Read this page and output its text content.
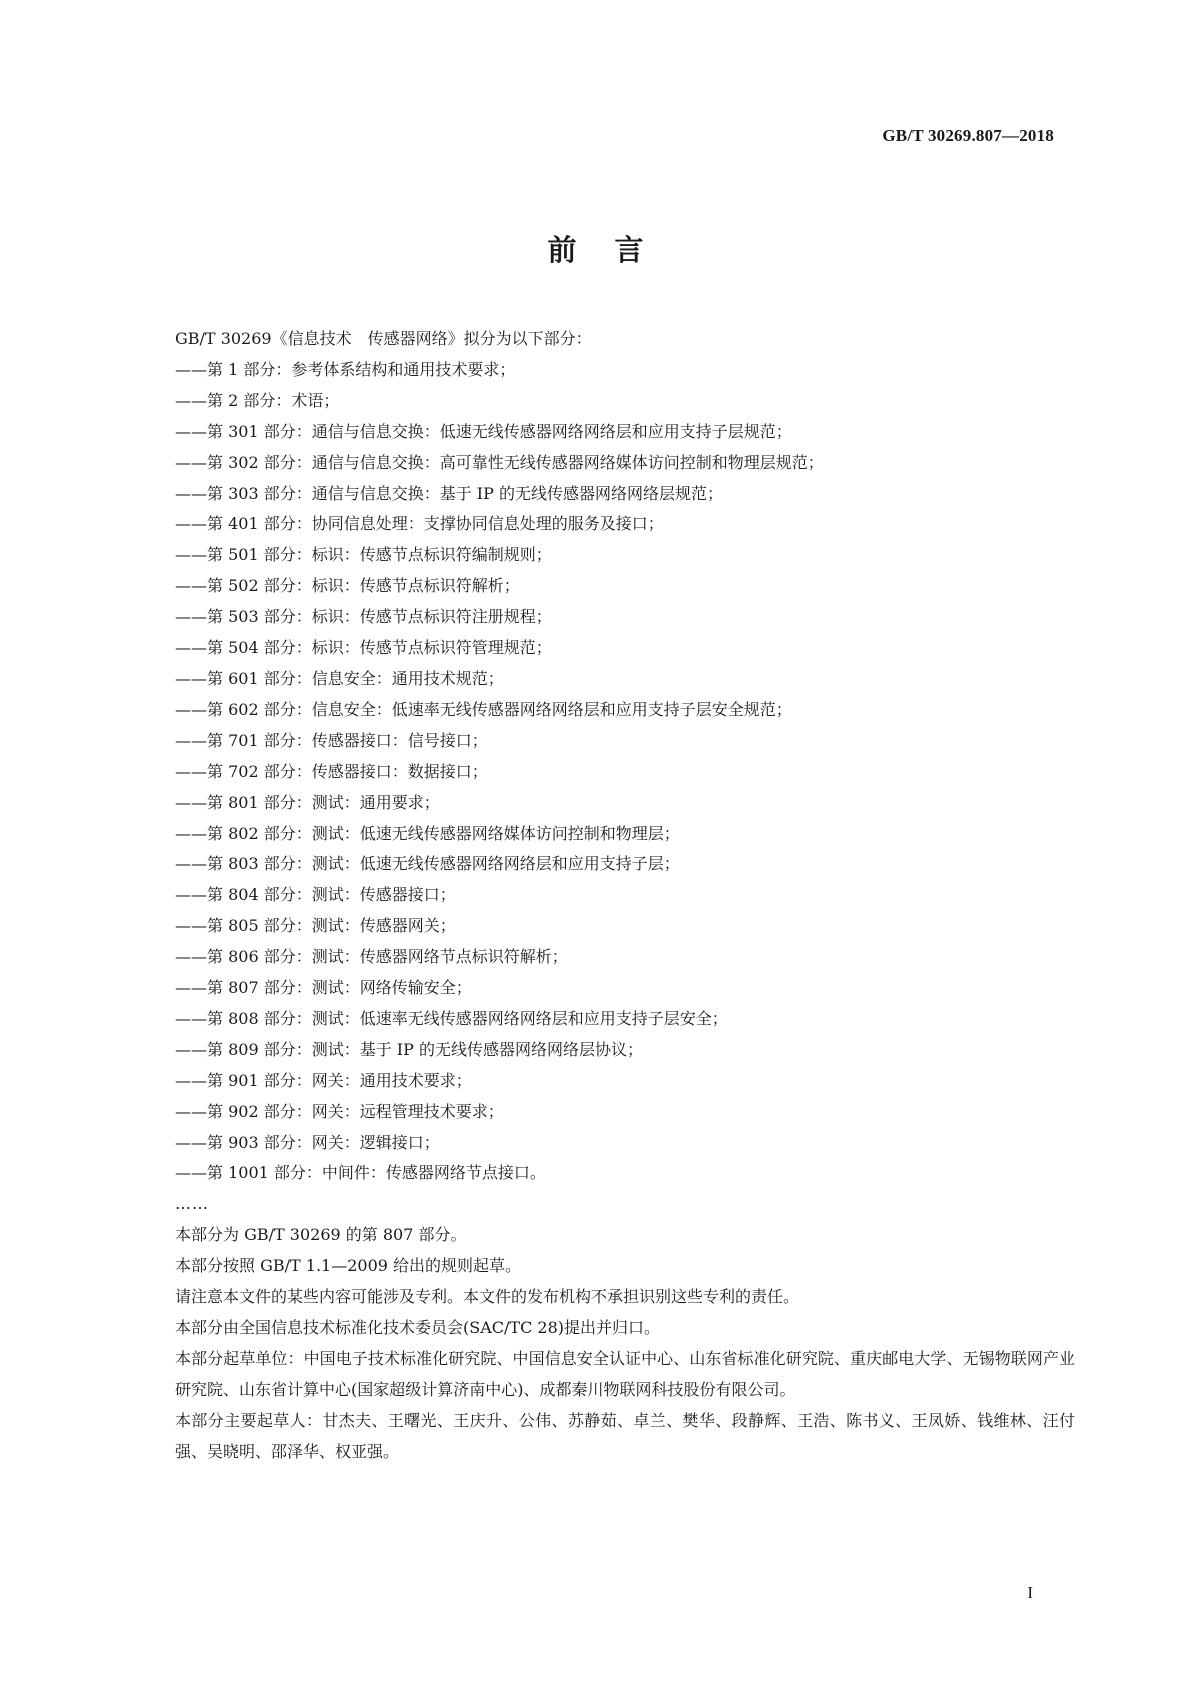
GB/T 30269.807—2018
前言

GB/T 30269《信息技术　传感器网络》拟分为以下部分：

——第 1 部分：参考体系结构和通用技术要求；

——第 2 部分：术语；

——第 301 部分：通信与信息交换：低速无线传感器网络网络层和应用支持子层规范；

——第 302 部分：通信与信息交换：高可靠性无线传感器网络媒体访问控制和物理层规范；

——第 303 部分：通信与信息交换：基于 IP 的无线传感器网络网络层规范；

——第 401 部分：协同信息处理：支撑协同信息处理的服务及接口；

——第 501 部分：标识：传感节点标识符编制规则；

——第 502 部分：标识：传感节点标识符解析；

——第 503 部分：标识：传感节点标识符注册规程；

——第 504 部分：标识：传感节点标识符管理规范；

——第 601 部分：信息安全：通用技术规范；

——第 602 部分：信息安全：低速率无线传感器网络网络层和应用支持子层安全规范；

——第 701 部分：传感器接口：信号接口；

——第 702 部分：传感器接口：数据接口；

——第 801 部分：测试：通用要求；

——第 802 部分：测试：低速无线传感器网络媒体访问控制和物理层；

——第 803 部分：测试：低速无线传感器网络网络层和应用支持子层；

——第 804 部分：测试：传感器接口；

——第 805 部分：测试：传感器网关；

——第 806 部分：测试：传感器网络节点标识符解析；

——第 807 部分：测试：网络传输安全；

——第 808 部分：测试：低速率无线传感器网络网络层和应用支持子层安全；

——第 809 部分：测试：基于 IP 的无线传感器网络网络层协议；

——第 901 部分：网关：通用技术要求；

——第 902 部分：网关：远程管理技术要求；

——第 903 部分：网关：逻辑接口；

——第 1001 部分：中间件：传感器网络节点接口。

……

本部分为 GB/T 30269 的第 807 部分。

本部分按照 GB/T 1.1—2009 给出的规则起草。

请注意本文件的某些内容可能涉及专利。本文件的发布机构不承担识别这些专利的责任。

本部分由全国信息技术标准化技术委员会(SAC/TC 28)提出并归口。

本部分起草单位：中国电子技术标准化研究院、中国信息安全认证中心、山东省标准化研究院、重庆邮电大学、无锡物联网产业研究院、山东省计算中心(国家超级计算济南中心)、成都秦川物联网科技股份有限公司。

本部分主要起草人：甘杰夫、王曙光、王庆升、公伟、苏静茹、卓兰、樊华、段静辉、王浩、陈书义、王凤娇、钱维林、汪付强、吴晓明、邵泽华、权亚强。

I
